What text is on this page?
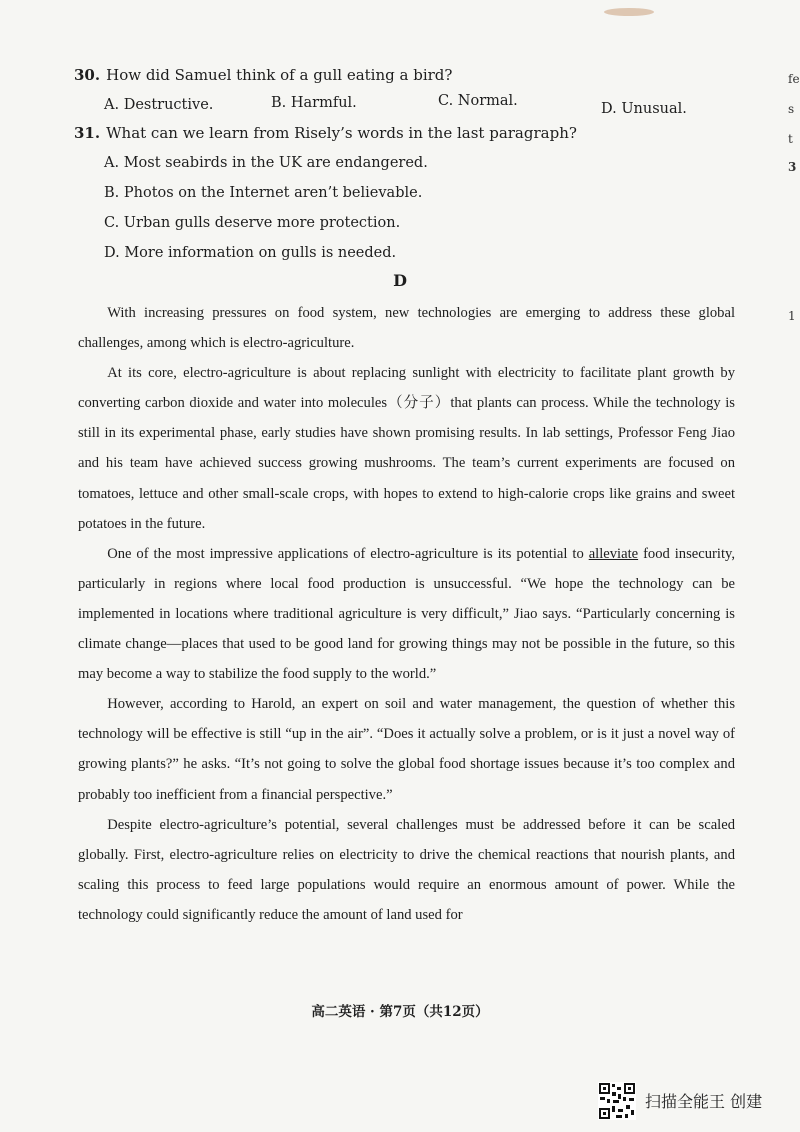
30. How did Samuel think of a gull eating a bird?
A. Destructive.	B. Harmful.	C. Normal.	D. Unusual.
31. What can we learn from Risely’s words in the last paragraph?
A. Most seabirds in the UK are endangered.
B. Photos on the Internet aren’t believable.
C. Urban gulls deserve more protection.
D. More information on gulls is needed.
D

With increasing pressures on food system, new technologies are emerging to address these global challenges, among which is electro-agriculture.

At its core, electro-agriculture is about replacing sunlight with electricity to facilitate plant growth by converting carbon dioxide and water into molecules（分子）that plants can process. While the technology is still in its experimental phase, early studies have shown promising results. In lab settings, Professor Feng Jiao and his team have achieved success growing mushrooms. The team’s current experiments are focused on tomatoes, lettuce and other small-scale crops, with hopes to extend to high-calorie crops like grains and sweet potatoes in the future.

One of the most impressive applications of electro-agriculture is its potential to alleviate food insecurity, particularly in regions where local food production is unsuccessful. “We hope the technology can be implemented in locations where traditional agriculture is very difficult,” Jiao says. “Particularly concerning is climate change—places that used to be good land for growing things may not be possible in the future, so this may become a way to stabilize the food supply to the world.”

However, according to Harold, an expert on soil and water management, the question of whether this technology will be effective is still “up in the air”. “Does it actually solve a problem, or is it just a novel way of growing plants?” he asks. “It’s not going to solve the global food shortage issues because it’s too complex and probably too inefficient from a financial perspective.”

Despite electro-agriculture’s potential, several challenges must be addressed before it can be scaled globally. First, electro-agriculture relies on electricity to drive the chemical reactions that nourish plants, and scaling this process to feed large populations would require an enormous amount of power. While the technology could significantly reduce the amount of land used for

高二英语 · 第7页（共12页）
fe
s
t
3
1
扫描全能王 创建
